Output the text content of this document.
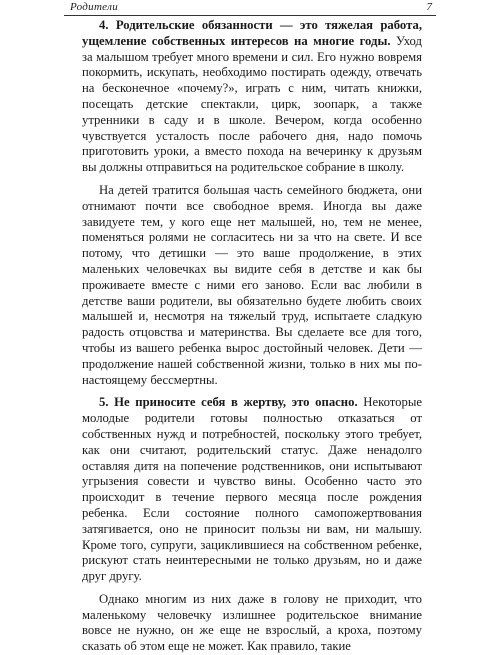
Родители	7

4. Родительские обязанности — это тяжелая работа, ущемление собственных интересов на многие годы. Уход за малышом требует много времени и сил. Его нужно вовремя покормить, искупать, необходимо постирать одежду, отвечать на бесконечное «почему?», играть с ним, читать книжки, посещать детские спектакли, цирк, зоопарк, а также утренники в саду и в школе. Вечером, когда особенно чувствуется усталость после рабочего дня, надо помочь приготовить уроки, а вместо похода на вечеринку к друзьям вы должны отправиться на родительское собрание в школу.

На детей тратится большая часть семейного бюджета, они отнимают почти все свободное время. Иногда вы даже завидуете тем, у кого еще нет малышей, но, тем не менее, поменяться ролями не согласитесь ни за что на свете. И все потому, что детишки — это ваше продолжение, в этих маленьких человечках вы видите себя в детстве и как бы проживаете вместе с ними его заново. Если вас любили в детстве ваши родители, вы обязательно будете любить своих малышей и, несмотря на тяжелый труд, испытаете сладкую радость отцовства и материнства. Вы сделаете все для того, чтобы из вашего ребенка вырос достойный человек. Дети — продолжение нашей собственной жизни, только в них мы по-настоящему бессмертны.

5. Не приносите себя в жертву, это опасно. Некоторые молодые родители готовы полностью отказаться от собственных нужд и потребностей, поскольку этого требует, как они считают, родительский статус. Даже ненадолго оставляя дитя на попечение родственников, они испытывают угрызения совести и чувство вины. Особенно часто это происходит в течение первого месяца после рождения ребенка. Если состояние полного самопожертвования затягивается, оно не приносит пользы ни вам, ни малышу. Кроме того, супруги, зациклившиеся на собственном ребенке, рискуют стать неинтересными не только друзьям, но и даже друг другу.

Однако многим из них даже в голову не приходит, что маленькому человечку излишнее родительское внимание вовсе не нужно, он же еще не взрослый, а кроха, поэтому сказать об этом еще не может. Как правило, такие
